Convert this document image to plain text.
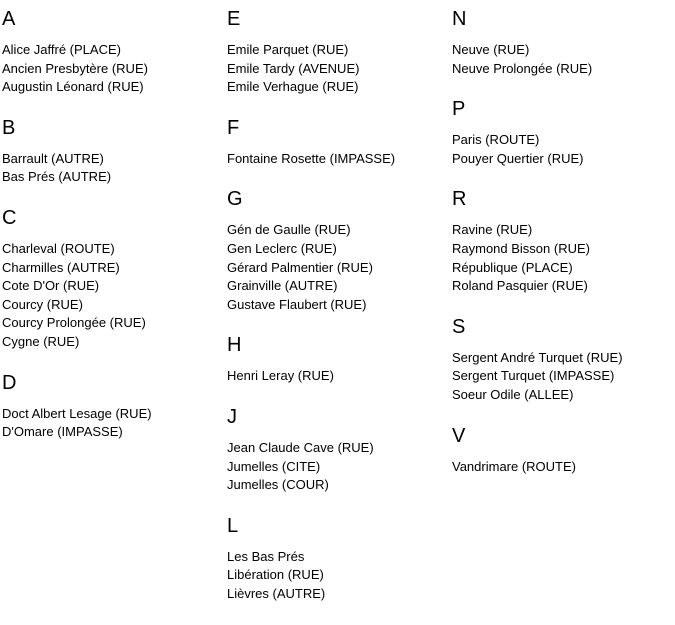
A
Alice Jaffré (PLACE)
Ancien Presbytère (RUE)
Augustin Léonard (RUE)
B
Barrault (AUTRE)
Bas Prés (AUTRE)
C
Charleval (ROUTE)
Charmilles (AUTRE)
Cote D'Or (RUE)
Courcy (RUE)
Courcy Prolongée (RUE)
Cygne (RUE)
D
Doct Albert Lesage (RUE)
D'Omare (IMPASSE)
E
Emile Parquet (RUE)
Emile Tardy (AVENUE)
Emile Verhague (RUE)
F
Fontaine Rosette (IMPASSE)
G
Gén de Gaulle (RUE)
Gen Leclerc (RUE)
Gérard Palmentier (RUE)
Grainville (AUTRE)
Gustave Flaubert (RUE)
H
Henri Leray (RUE)
J
Jean Claude Cave (RUE)
Jumelles (CITE)
Jumelles (COUR)
L
Les Bas Prés
Libération (RUE)
Lièvres (AUTRE)
N
Neuve (RUE)
Neuve Prolongée (RUE)
P
Paris (ROUTE)
Pouyer Quertier (RUE)
R
Ravine (RUE)
Raymond Bisson (RUE)
République (PLACE)
Roland Pasquier (RUE)
S
Sergent André Turquet (RUE)
Sergent Turquet (IMPASSE)
Soeur Odile (ALLEE)
V
Vandrimare (ROUTE)
